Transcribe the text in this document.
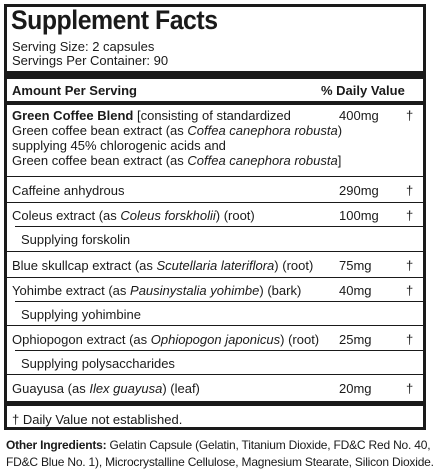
Supplement Facts
Serving Size: 2 capsules
Servings Per Container: 90
Amount Per Serving	% Daily Value
Green Coffee Blend [consisting of standardized	400mg †
Green coffee bean extract (as Coffea canephora robusta)
supplying 45% chlorogenic acids and
Green coffee bean extract (as Coffea canephora robusta]
Caffeine anhydrous	290mg †
Coleus extract (as Coleus forskholii) (root)	100mg †
Supplying forskolin
Blue skullcap extract (as Scutellaria lateriflora) (root) 75mg	†
Yohimbe extract (as Pausinystalia yohimbe) (bark)	40mg	†
Supplying yohimbine
Ophiopogon extract (as Ophiopogon japonicus) (root) 25mg	†
Supplying polysaccharides
Guayusa (as Ilex guayusa) (leaf)	20mg	†
† Daily Value not established.
Other Ingredients: Gelatin Capsule (Gelatin, Titanium Dioxide, FD&C Red No. 40, FD&C Blue No. 1), Microcrystalline Cellulose, Magnesium Stearate, Silicon Dioxide.
